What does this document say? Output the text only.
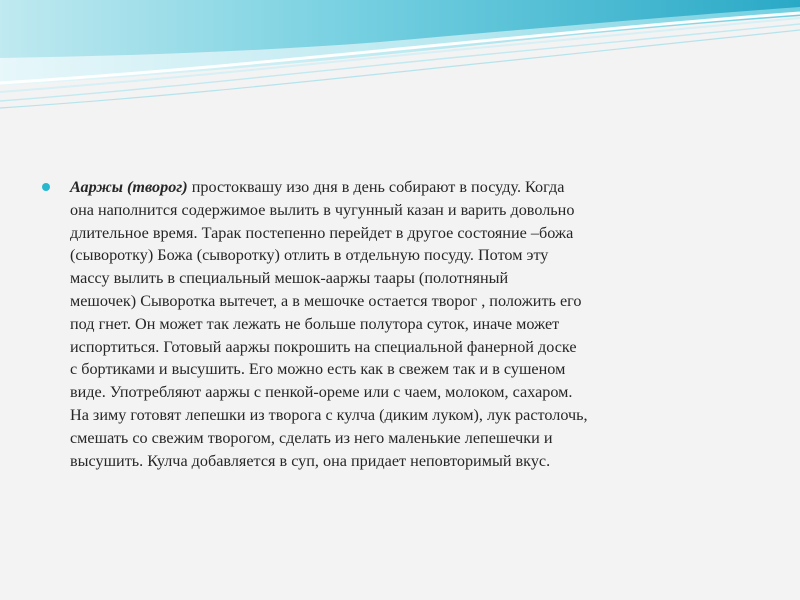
Ааржы (творог) простоквашу изо дня в день собирают в посуду. Когда
она наполнится содержимое вылить в чугунный казан и варить довольно
длительное время. Тарак постепенно перейдет в другое состояние –божа
(сыворотку) Божа (сыворотку) отлить в отдельную посуду. Потом эту
массу вылить в специальный мешок-ааржы таары (полотняный
мешочек) Сыворотка вытечет, а в мешочке остается творог , положить его
под гнет. Он может так лежать не больше полутора суток, иначе может
испортиться. Готовый ааржы покрошить на специальной фанерной доске
с бортиками и высушить. Его можно есть как в свежем так и в сушеном
виде. Употребляют ааржы с пенкой-ореме или с чаем, молоком, сахаром.
На зиму готовят лепешки из творога с кулча (диким луком), лук растолочь,
смешать со свежим творогом, сделать из него маленькие лепешечки и
высушить. Кулча добавляется в суп, она придает неповторимый вкус.
